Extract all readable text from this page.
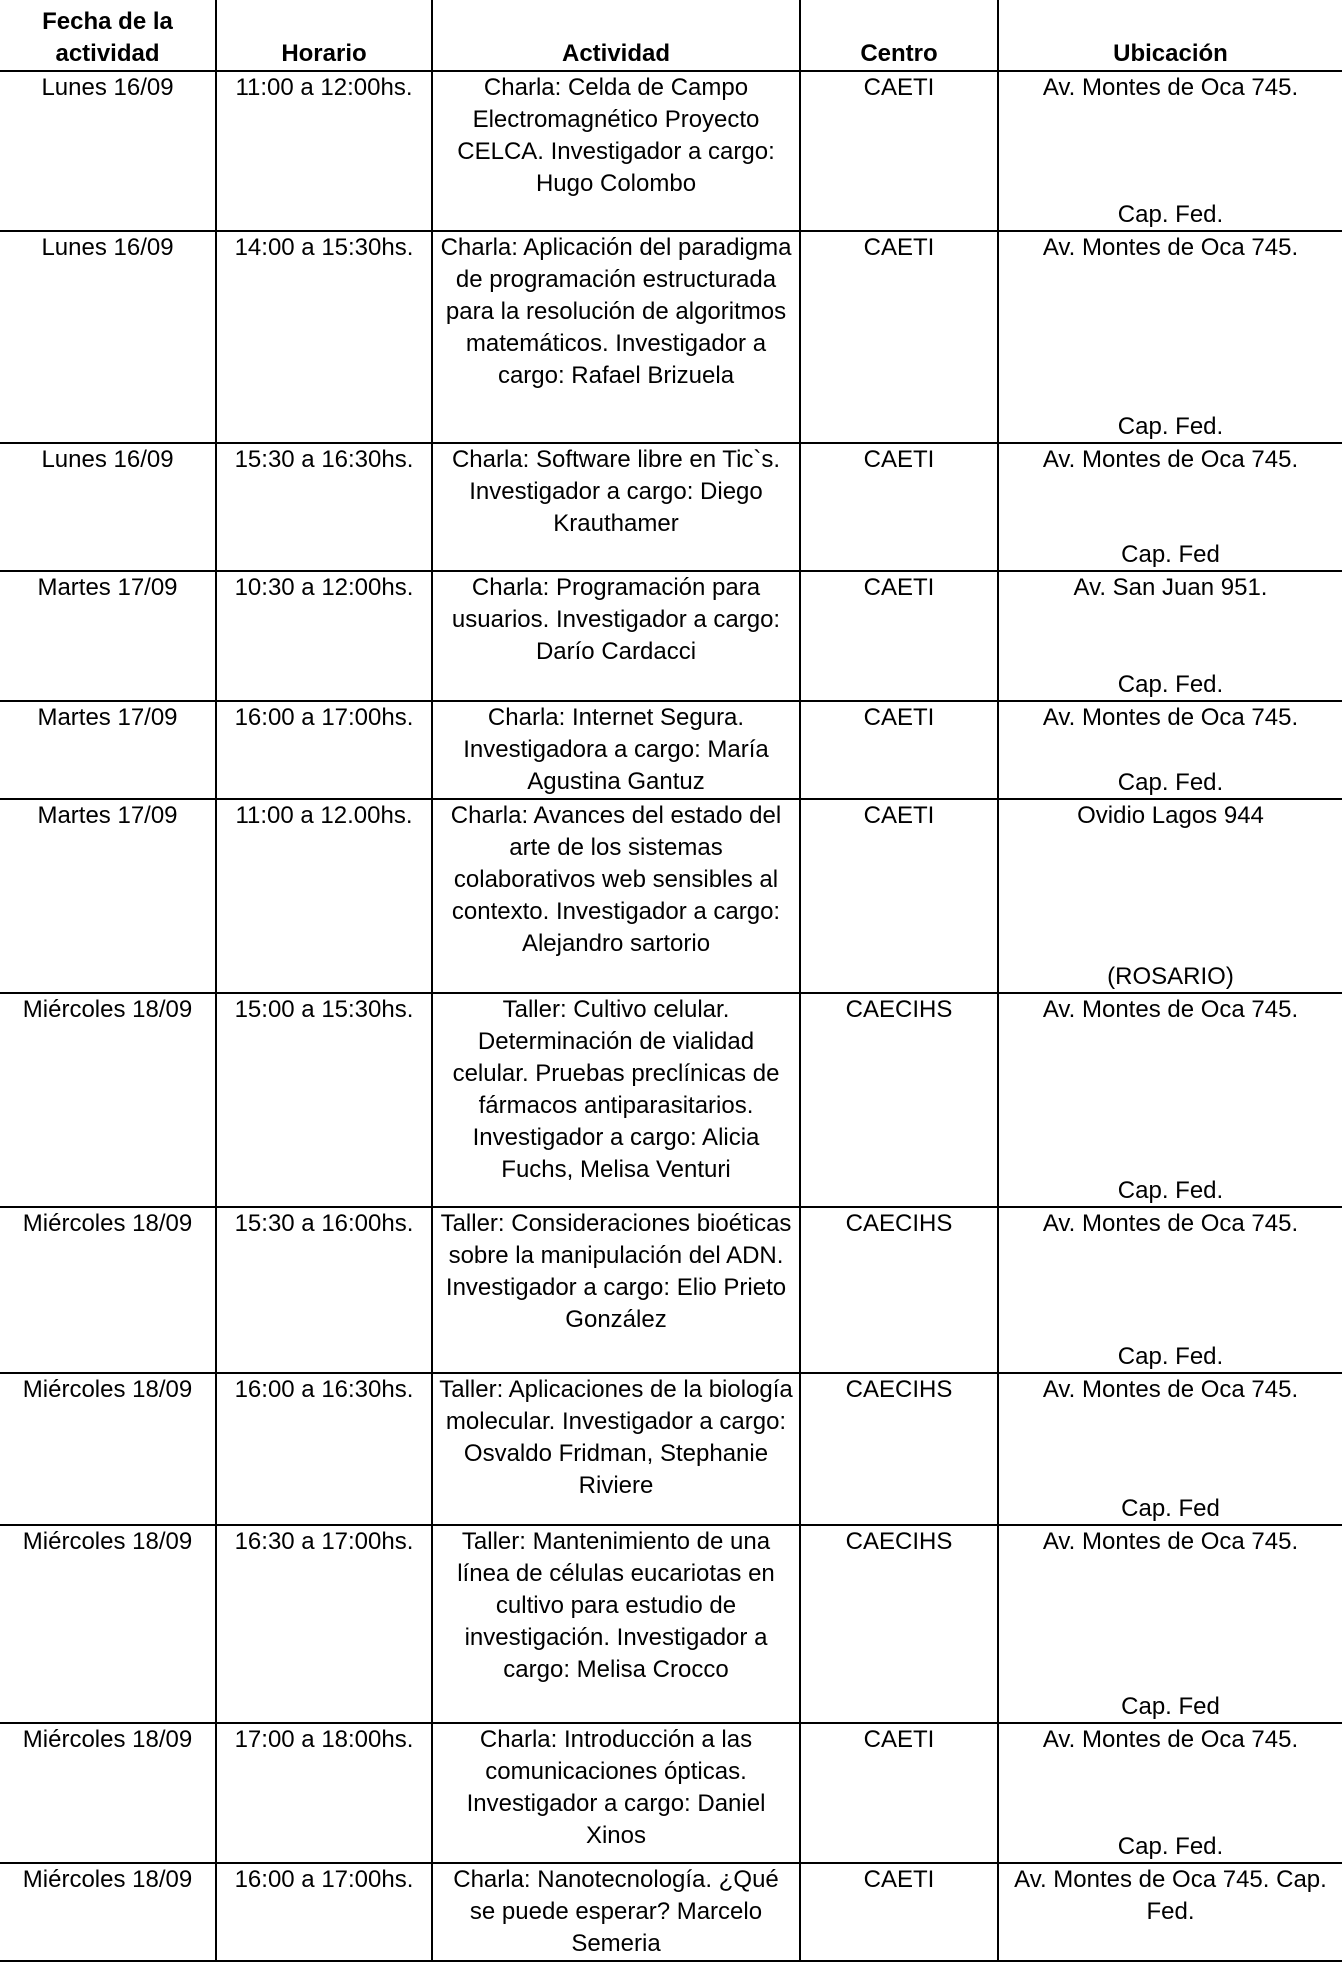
Fecha de la actividad	Horario	Actividad	Centro	Ubicación
Lunes 16/09	11:00 a 12:00hs.	Charla: Celda de Campo Electromagnético Proyecto CELCA. Investigador a cargo: Hugo Colombo	CAETI	Av. Montes de Oca 745.
Cap. Fed.

Lunes 16/09	14:00 a 15:30hs.	Charla: Aplicación del paradigma de programación estructurada para la resolución de algoritmos matemáticos. Investigador a cargo: Rafael Brizuela	CAETI	Av. Montes de Oca 745.
Cap. Fed.

Lunes 16/09	15:30 a 16:30hs.	Charla: Software libre en Tic`s. Investigador a cargo: Diego Krauthamer	CAETI	Av. Montes de Oca 745.
Cap. Fed

Martes 17/09	10:30 a 12:00hs.	Charla: Programación para usuarios. Investigador a cargo: Darío Cardacci	CAETI	Av. San Juan 951.
Cap. Fed.

Martes 17/09	16:00 a 17:00hs.	Charla: Internet Segura. Investigadora a cargo: María Agustina Gantuz	CAETI	Av. Montes de Oca 745.
Cap. Fed.

Martes 17/09	11:00 a 12.00hs.	Charla: Avances del estado del arte de los sistemas colaborativos web sensibles al contexto. Investigador a cargo: Alejandro sartorio	CAETI	Ovidio Lagos 944
(ROSARIO)

Miércoles 18/09	15:00 a 15:30hs.	Taller: Cultivo celular. Determinación de vialidad celular. Pruebas preclínicas de fármacos antiparasitarios. Investigador a cargo: Alicia Fuchs, Melisa Venturi	CAECIHS	Av. Montes de Oca 745.
Cap. Fed.

Miércoles 18/09	15:30 a 16:00hs.	Taller: Consideraciones bioéticas sobre la manipulación del ADN. Investigador a cargo: Elio Prieto González	CAECIHS	Av. Montes de Oca 745.
Cap. Fed.

Miércoles 18/09	16:00 a 16:30hs.	Taller: Aplicaciones de la biología molecular. Investigador a cargo: Osvaldo Fridman, Stephanie Riviere	CAECIHS	Av. Montes de Oca 745.
Cap. Fed

Miércoles 18/09	16:30 a 17:00hs.	Taller: Mantenimiento de una línea de células eucariotas en cultivo para estudio de investigación. Investigador a cargo: Melisa Crocco	CAECIHS	Av. Montes de Oca 745.
Cap. Fed

Miércoles 18/09	17:00 a 18:00hs.	Charla: Introducción a las comunicaciones ópticas. Investigador a cargo: Daniel Xinos	CAETI	Av. Montes de Oca 745.
Cap. Fed.

Miércoles 18/09	16:00 a 17:00hs.	Charla: Nanotecnología. ¿Qué se puede esperar? Marcelo Semeria	CAETI	Av. Montes de Oca 745. Cap. Fed.
